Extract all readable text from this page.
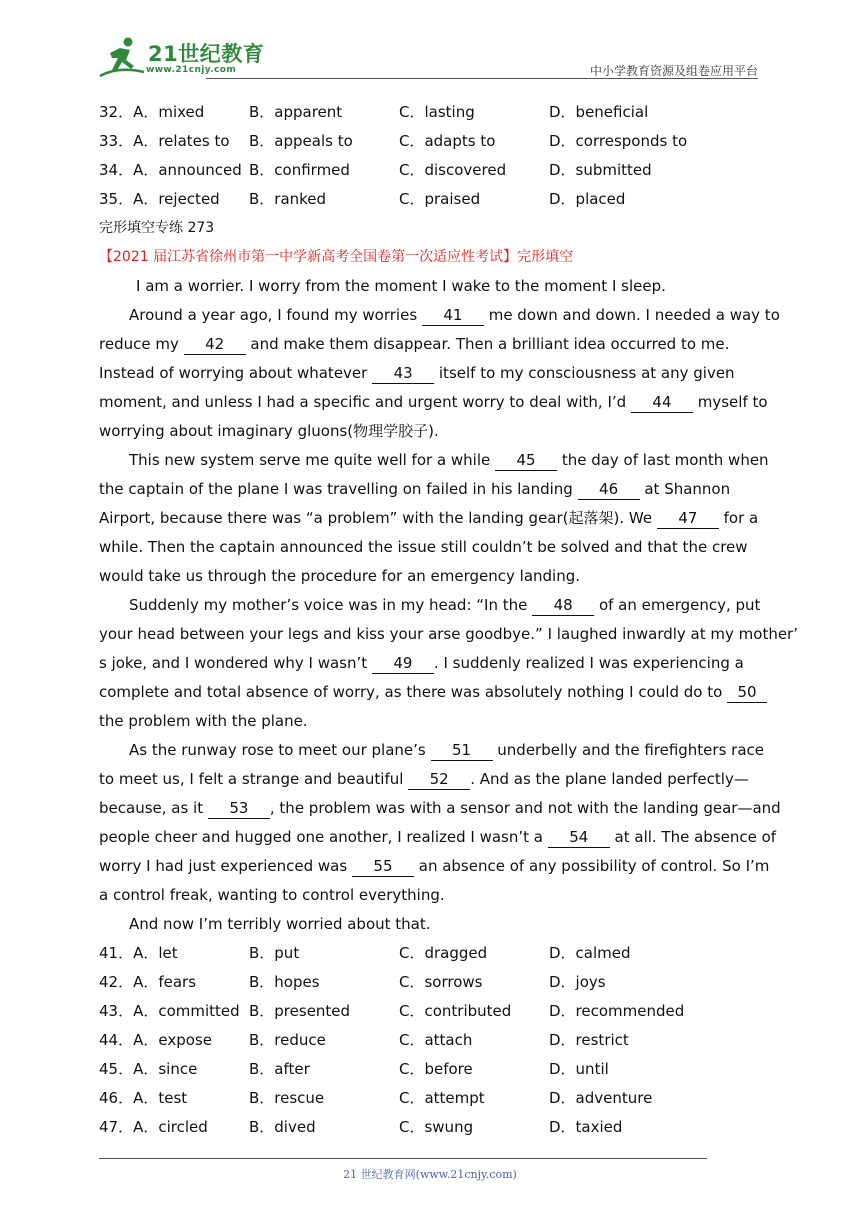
21世纪教育
www.21cnjy.com	中小学教育资源及组卷应用平台
32．A．mixed	B．apparent	C．lasting	D．beneficial
33．A．relates to B．appeals to	C．adapts to	D．corresponds to
34．A．announced B．confirmed	C．discovered	D．submitted
35．A．rejected B．ranked	C．praised	D．placed
完形填空专练 273
【2021 届江苏省徐州市第一中学新高考全国卷第一次适应性考试】完形填空
I am a worrier. I worry from the moment I wake to the moment I sleep.
Around a year ago, I found my worries 41 me down and down. I needed a way to
reduce my 42 and make them disappear. Then a brilliant idea occurred to me.
Instead of worrying about whatever 43 itself to my consciousness at any given
moment, and unless I had a specific and urgent worry to deal with, I’d 44 myself to
worrying about imaginary gluons(物理学胶子).
This new system serve me quite well for a while 45 the day of last month when
the captain of the plane I was travelling on failed in his landing 46 at Shannon
Airport, because there was “a problem” with the landing gear(起落架). We 47 for a
while. Then the captain announced the issue still couldn’t be solved and that the crew
would take us through the procedure for an emergency landing.
Suddenly my mother’s voice was in my head: “In the 48 of an emergency, put
your head between your legs and kiss your arse goodbye.” I laughed inwardly at my mother’
s joke, and I wondered why I wasn’t 49 . I suddenly realized I was experiencing a
complete and total absence of worry, as there was absolutely nothing I could do to 50
the problem with the plane.
As the runway rose to meet our plane’s 51 underbelly and the firefighters race
to meet us, I felt a strange and beautiful 52 . And as the plane landed perfectly—
because, as it 53 , the problem was with a sensor and not with the landing gear—and
people cheer and hugged one another, I realized I wasn’t a 54 at all. The absence of
worry I had just experienced was 55 an absence of any possibility of control. So I’m
a control freak, wanting to control everything.
And now I’m terribly worried about that.
41．A．let	B．put	C．dragged	D．calmed
42．A．fears	B．hopes	C．sorrows	D．joys
43．A．committed B．presented	C．contributed	D．recommended
44．A．expose B．reduce	C．attach	D．restrict
45．A．since	B．after	C．before	D．until
46．A．test	B．rescue	C．attempt	D．adventure
47．A．circled	B．dived	C．swung	D．taxied
21 世纪教育网(www.21cnjy.com)
